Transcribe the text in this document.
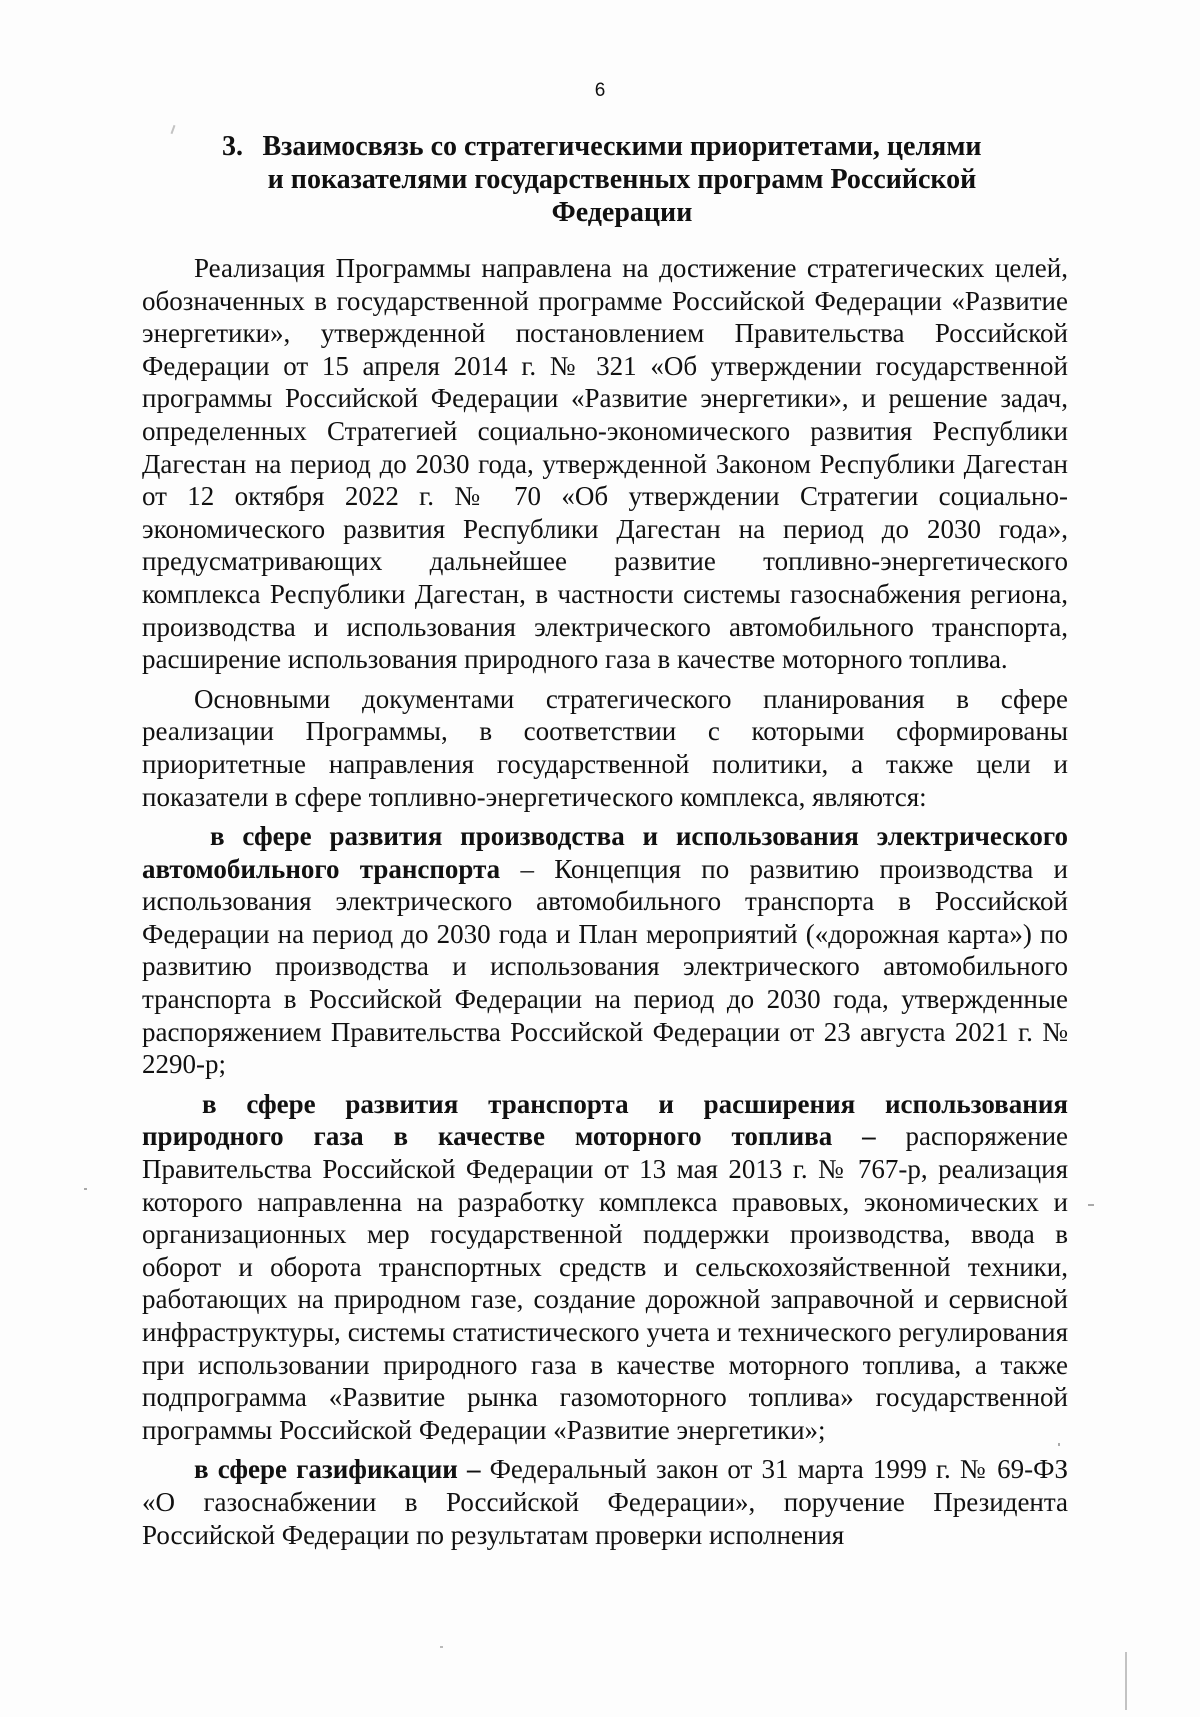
6
3. Взаимосвязь со стратегическими приоритетами, целями и показателями государственных программ Российской Федерации

Реализация Программы направлена на достижение стратегических целей, обозначенных в государственной программе Российской Федерации «Развитие энергетики», утвержденной постановлением Правительства Российской Федерации от 15 апреля 2014 г. № 321 «Об утверждении государственной программы Российской Федерации «Развитие энергетики», и решение задач, определенных Стратегией социально-экономического развития Республики Дагестан на период до 2030 года, утвержденной Законом Республики Дагестан от 12 октября 2022 г. № 70 «Об утверждении Стратегии социально-экономического развития Республики Дагестан на период до 2030 года», предусматривающих дальнейшее развитие топливно-энергетического комплекса Республики Дагестан, в частности системы газоснабжения региона, производства и использования электрического автомобильного транспорта, расширение использования природного газа в качестве моторного топлива.

Основными документами стратегического планирования в сфере реализации Программы, в соответствии с которыми сформированы приоритетные направления государственной политики, а также цели и показатели в сфере топливно-энергетического комплекса, являются:

в сфере развития производства и использования электрического автомобильного транспорта – Концепция по развитию производства и использования электрического автомобильного транспорта в Российской Федерации на период до 2030 года и План мероприятий («дорожная карта») по развитию производства и использования электрического автомобильного транспорта в Российской Федерации на период до 2030 года, утвержденные распоряжением Правительства Российской Федерации от 23 августа 2021 г. № 2290-р;

в сфере развития транспорта и расширения использования природного газа в качестве моторного топлива – распоряжение Правительства Российской Федерации от 13 мая 2013 г. № 767-р, реализация которого направленна на разработку комплекса правовых, экономических и организационных мер государственной поддержки производства, ввода в оборот и оборота транспортных средств и сельскохозяйственной техники, работающих на природном газе, создание дорожной заправочной и сервисной инфраструктуры, системы статистического учета и технического регулирования при использовании природного газа в качестве моторного топлива, а также подпрограмма «Развитие рынка газомоторного топлива» государственной программы Российской Федерации «Развитие энергетики»;

в сфере газификации – Федеральный закон от 31 марта 1999 г. № 69-ФЗ «О газоснабжении в Российской Федерации», поручение Президента Российской Федерации по результатам проверки исполнения
